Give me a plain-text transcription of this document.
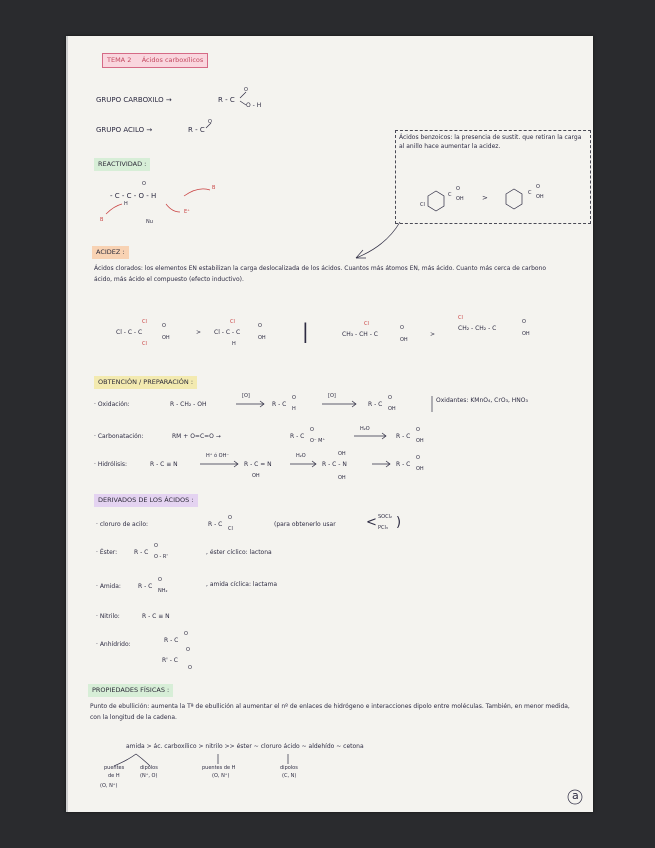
TEMA 2 Ácidos carboxílicos
GRUPO CARBOXILO →	R - C
O
O - H
GRUPO ACILO →	R - C
O
REACTIVIDAD :
O
- C - C - O - H
H
B	Nu
E⁺
B
Ácidos benzoicos: la presencia de sustit. que retiran la carga al anillo hace aumentar la acidez.
Cl
C
O
OH	>
C
O
OH
ACIDEZ :
Ácidos clorados: los elementos EN estabilizan la carga deslocalizada de los ácidos. Cuantos más átomos EN, más ácido. Cuanto más cerca de carbono ácido, más ácido el compuesto (efecto inductivo).
Cl
Cl - C - C
O
OH
Cl
>
Cl
Cl - C - C
O
OH
H
|	Cl
CH₃ - CH - C
O
OH
>
Cl
CH₂ - CH₂ - C
O
OH
OBTENCIÓN / PREPARACIÓN :
· Oxidación:	R - CH₂ - OH
[O]
R - C
O
H
[O]
R - C
O
OH
Oxidantes: KMnO₄, CrO₃, HNO₃
· Carbonatación:	RM + O=C=O →	R - C
O
O⁻ M⁺
H₂O
R - C
O
OH
· Hidrólisis:	R - C ≡ N
H⁺ ó OH⁻
R - C = N
OH
H₂O	OH
R - C - N
OH
R - C
O
OH
DERIVADOS DE LOS ÁCIDOS :
· cloruro de acilo:	R - C
O
Cl
(para obtenerlo usar < SOCl₂
PCl₃ )
· Éster:	R - C
O
O - R'
, éster cíclico: lactona
· Amida:	R - C
O
NH₂
, amida cíclica: lactama
· Nitrilo:	R - C ≡ N
· Anhídrido:
R - C
O
O
R' - C
O
PROPIEDADES FÍSICAS :
Punto de ebullición: aumenta la Tª de ebullición al aumentar el nº de enlaces de hidrógeno e interacciones dipolo entre moléculas. También, en menor medida, con la longitud de la cadena.
amida > ác. carboxílico > nitrilo >> éster ~ cloruro ácido ~ aldehído ~ cetona
puentes
de H
(O, N⁺)
dipolos
(N⁺, O)
puentes de H
(O, N⁺)
dipolos
(C, N)
a
